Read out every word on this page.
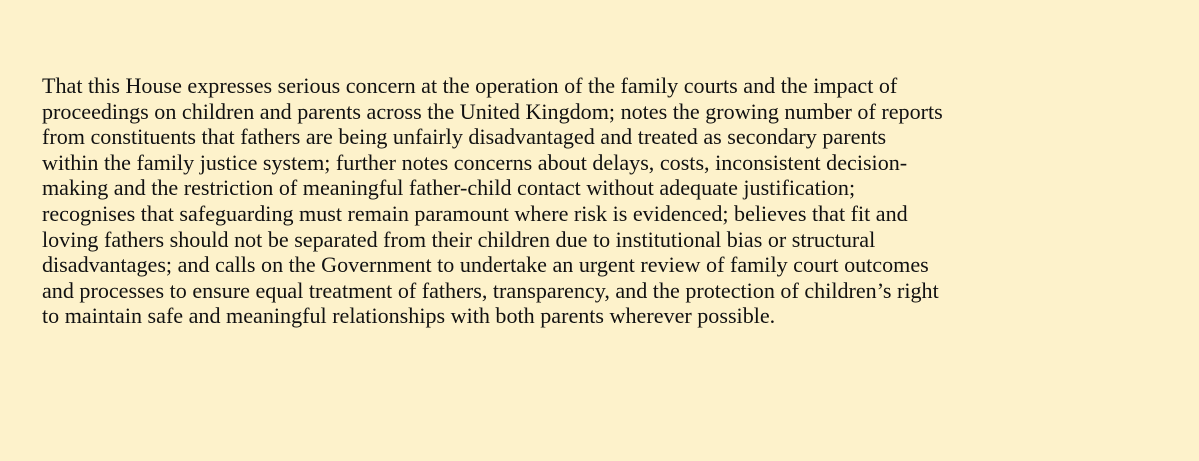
That this House expresses serious concern at the operation of the family courts and the impact of
proceedings on children and parents across the United Kingdom; notes the growing number of reports
from constituents that fathers are being unfairly disadvantaged and treated as secondary parents
within the family justice system; further notes concerns about delays, costs, inconsistent decision-
making and the restriction of meaningful father-child contact without adequate justification;
recognises that safeguarding must remain paramount where risk is evidenced; believes that fit and
loving fathers should not be separated from their children due to institutional bias or structural
disadvantages; and calls on the Government to undertake an urgent review of family court outcomes
and processes to ensure equal treatment of fathers, transparency, and the protection of children’s right
to maintain safe and meaningful relationships with both parents wherever possible.
